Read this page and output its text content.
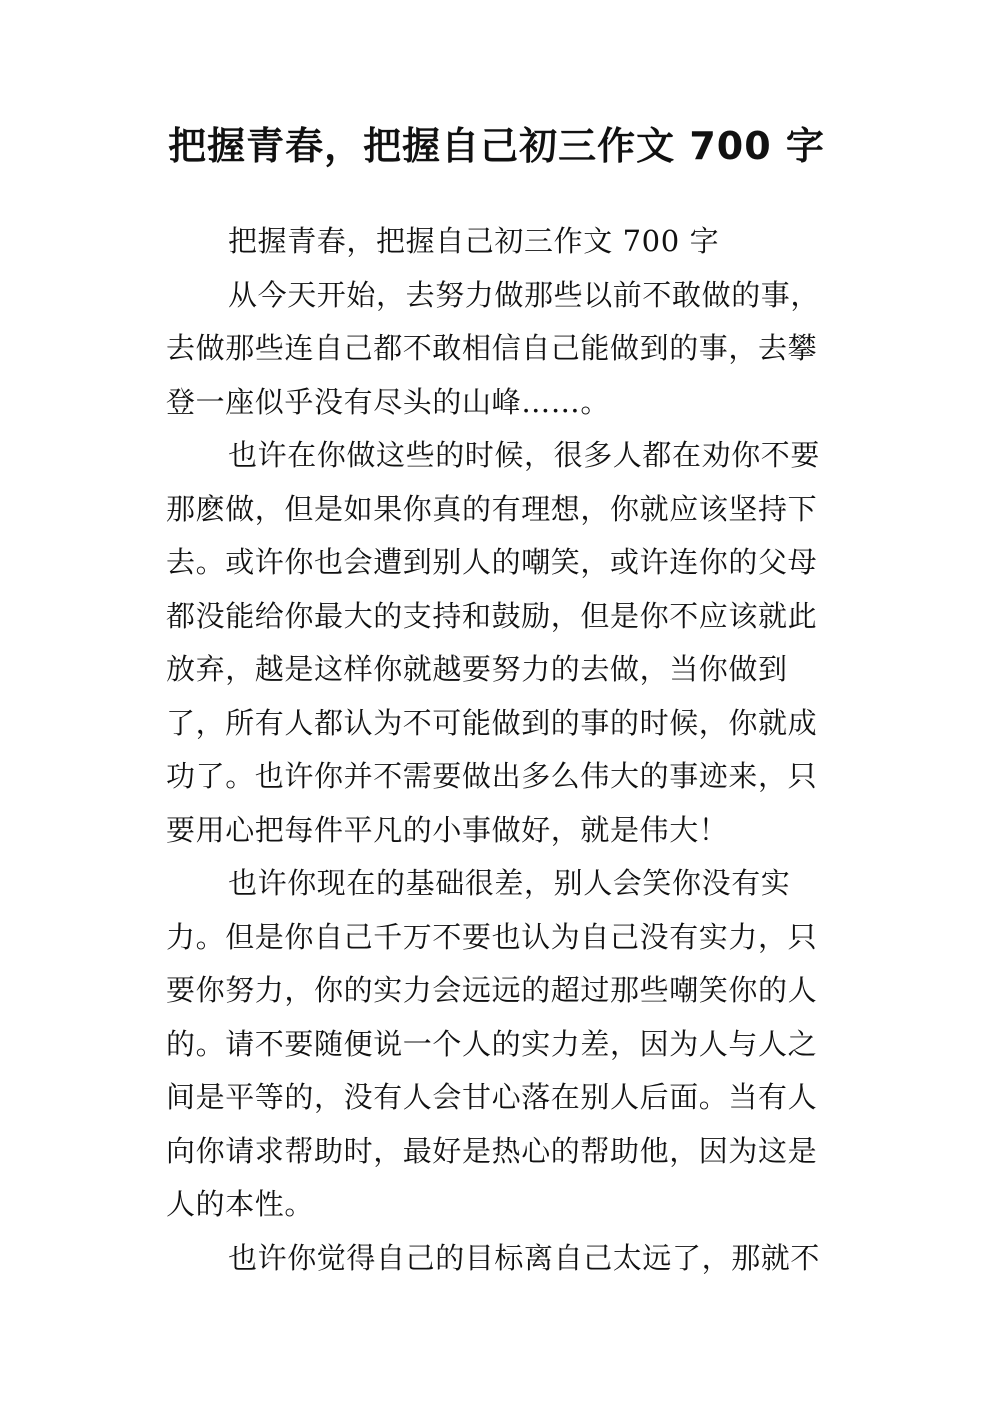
把握青春，把握自己初三作文 700 字

把握青春，把握自己初三作文 700 字

从今天开始，去努力做那些以前不敢做的事，去做那些连自己都不敢相信自己能做到的事，去攀登一座似乎没有尽头的山峰……。

也许在你做这些的时候，很多人都在劝你不要那麽做，但是如果你真的有理想，你就应该坚持下去。或许你也会遭到别人的嘲笑，或许连你的父母都没能给你最大的支持和鼓励，但是你不应该就此放弃，越是这样你就越要努力的去做，当你做到了，所有人都认为不可能做到的事的时候，你就成功了。也许你并不需要做出多么伟大的事迹来，只要用心把每件平凡的小事做好，就是伟大！

也许你现在的基础很差，别人会笑你没有实力。但是你自己千万不要也认为自己没有实力，只要你努力，你的实力会远远的超过那些嘲笑你的人的。请不要随便说一个人的实力差，因为人与人之间是平等的，没有人会甘心落在别人后面。当有人向你请求帮助时，最好是热心的帮助他，因为这是人的本性。

也许你觉得自己的目标离自己太远了，那就不
